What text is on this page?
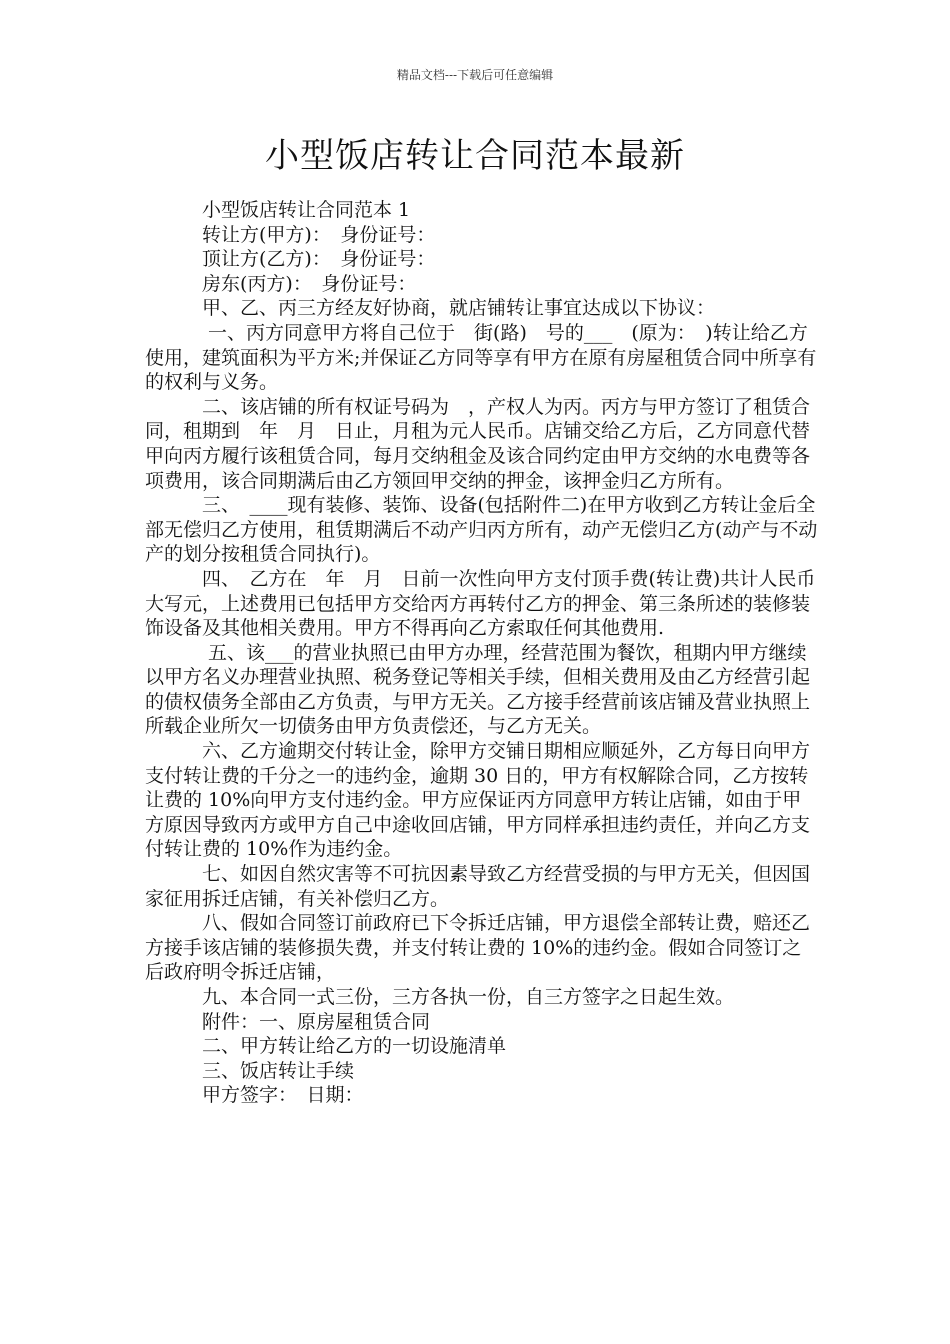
精品文档---下载后可任意编辑
小型饭店转让合同范本最新

小型饭店转让合同范本 1

转让方(甲方)：　身份证号：

顶让方(乙方)：　身份证号：

房东(丙方)：　身份证号：

甲、乙、丙三方经友好协商，就店铺转让事宜达成以下协议：

一、丙方同意甲方将自己位于　街(路)　号的___　(原为：　)转让给乙方使用，建筑面积为平方米;并保证乙方同等享有甲方在原有房屋租赁合同中所享有的权利与义务。

二、该店铺的所有权证号码为　，产权人为丙。丙方与甲方签订了租赁合同，租期到　年　月　日止，月租为元人民币。店铺交给乙方后，乙方同意代替甲向丙方履行该租赁合同，每月交纳租金及该合同约定由甲方交纳的水电费等各项费用，该合同期满后由乙方领回甲交纳的押金，该押金归乙方所有。

三、　____现有装修、装饰、设备(包括附件二)在甲方收到乙方转让金后全部无偿归乙方使用，租赁期满后不动产归丙方所有，动产无偿归乙方(动产与不动产的划分按租赁合同执行)。

四、　乙方在　年　月　日前一次性向甲方支付顶手费(转让费)共计人民币大写元，上述费用已包括甲方交给丙方再转付乙方的押金、第三条所述的装修装饰设备及其他相关费用。甲方不得再向乙方索取任何其他费用.

五、该___的营业执照已由甲方办理，经营范围为餐饮，租期内甲方继续以甲方名义办理营业执照、税务登记等相关手续，但相关费用及由乙方经营引起的债权债务全部由乙方负责，与甲方无关。乙方接手经营前该店铺及营业执照上所载企业所欠一切债务由甲方负责偿还，与乙方无关。

六、乙方逾期交付转让金，除甲方交铺日期相应顺延外，乙方每日向甲方支付转让费的千分之一的违约金，逾期 30 日的，甲方有权解除合同，乙方按转让费的 10%向甲方支付违约金。甲方应保证丙方同意甲方转让店铺，如由于甲方原因导致丙方或甲方自己中途收回店铺，甲方同样承担违约责任，并向乙方支付转让费的 10%作为违约金。

七、如因自然灾害等不可抗因素导致乙方经营受损的与甲方无关，但因国家征用拆迁店铺，有关补偿归乙方。

八、假如合同签订前政府已下令拆迁店铺，甲方退偿全部转让费，赔还乙方接手该店铺的装修损失费，并支付转让费的 10%的违约金。假如合同签订之后政府明令拆迁店铺，

九、本合同一式三份，三方各执一份，自三方签字之日起生效。

附件：一、原房屋租赁合同

二、甲方转让给乙方的一切设施清单

三、饭店转让手续

甲方签字：　日期：
